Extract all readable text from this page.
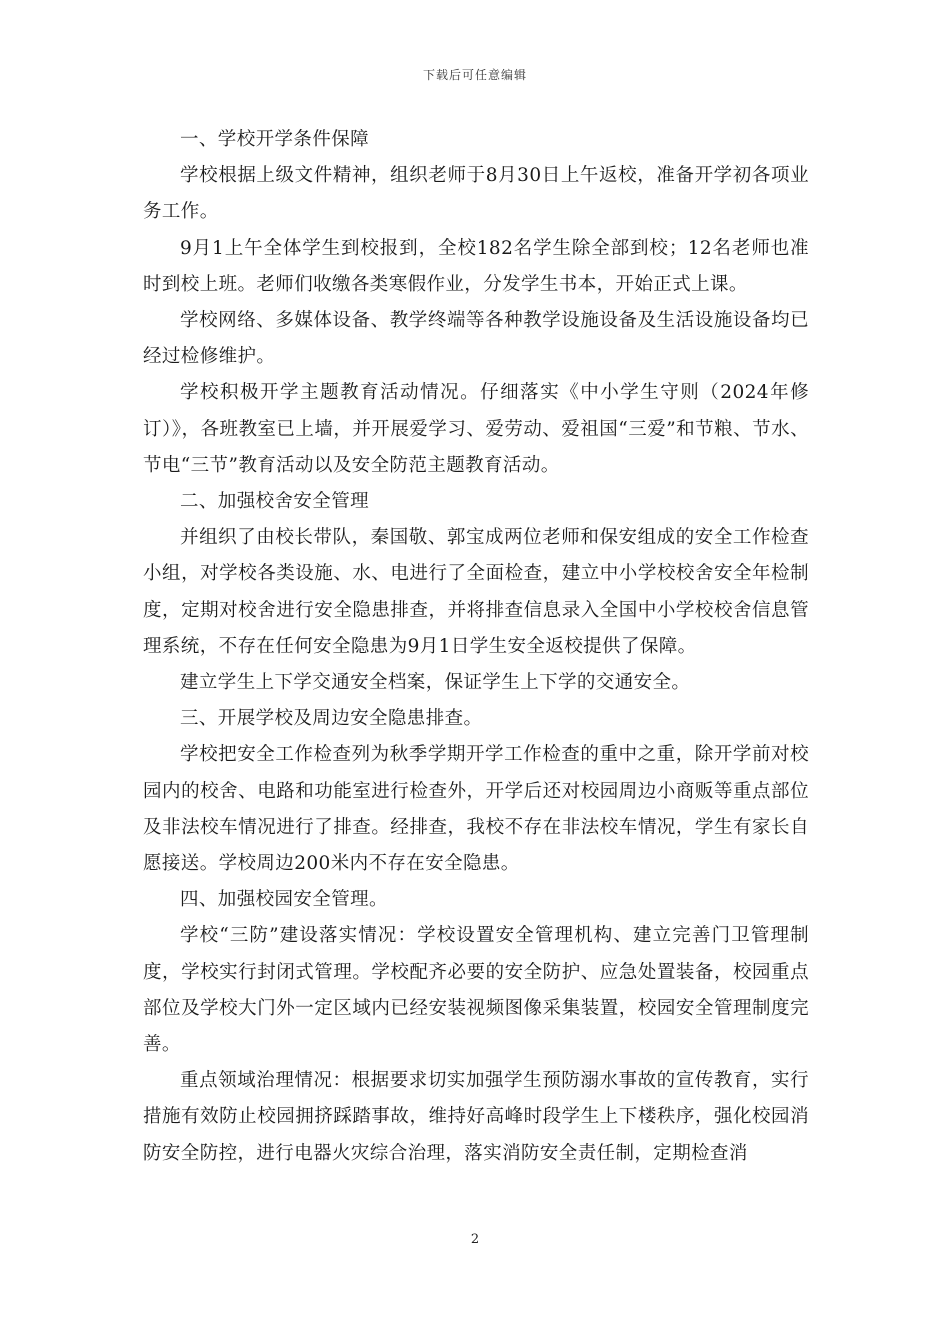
下载后可任意编辑

一、学校开学条件保障

学校根据上级文件精神，组织老师于8月30日上午返校，准备开学初各项业务工作。

9月1上午全体学生到校报到，全校182名学生除全部到校；12名老师也准时到校上班。老师们收缴各类寒假作业，分发学生书本，开始正式上课。

学校网络、多媒体设备、教学终端等各种教学设施设备及生活设施设备均已经过检修维护。

学校积极开学主题教育活动情况。仔细落实《中小学生守则（2024年修订）》，各班教室已上墙，并开展爱学习、爱劳动、爱祖国“三爱”和节粮、节水、节电“三节”教育活动以及安全防范主题教育活动。

二、加强校舍安全管理

并组织了由校长带队，秦国敬、郭宝成两位老师和保安组成的安全工作检查小组，对学校各类设施、水、电进行了全面检查，建立中小学校校舍安全年检制度，定期对校舍进行安全隐患排查，并将排查信息录入全国中小学校校舍信息管理系统，不存在任何安全隐患为9月1日学生安全返校提供了保障。

建立学生上下学交通安全档案，保证学生上下学的交通安全。

三、开展学校及周边安全隐患排查。

学校把安全工作检查列为秋季学期开学工作检查的重中之重，除开学前对校园内的校舍、电路和功能室进行检查外，开学后还对校园周边小商贩等重点部位及非法校车情况进行了排查。经排查，我校不存在非法校车情况，学生有家长自愿接送。学校周边200米内不存在安全隐患。

四、加强校园安全管理。

学校“三防”建设落实情况：学校设置安全管理机构、建立完善门卫管理制度，学校实行封闭式管理。学校配齐必要的安全防护、应急处置装备，校园重点部位及学校大门外一定区域内已经安装视频图像采集装置，校园安全管理制度完善。

重点领域治理情况：根据要求切实加强学生预防溺水事故的宣传教育，实行措施有效防止校园拥挤踩踏事故，维持好高峰时段学生上下楼秩序，强化校园消防安全防控，进行电器火灾综合治理，落实消防安全责任制，定期检查消

2
